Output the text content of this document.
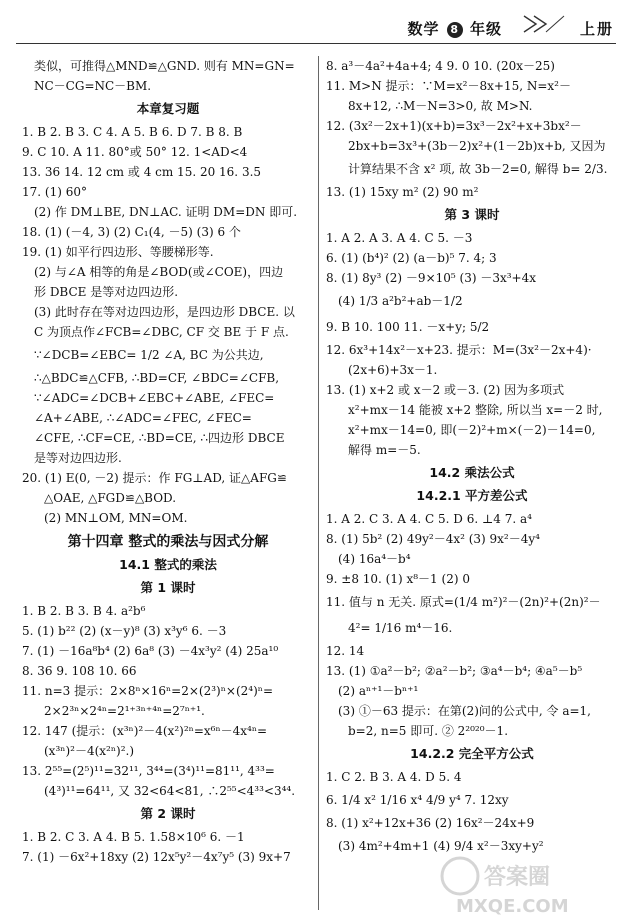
数学 8 年级	上册
类似，可推得△MND≌△GND. 则有 MN=GN=
NC－CG=NC－BM.
本章复习题
1. B 2. B 3. C 4. A 5. B 6. D 7. B 8. B
9. C 10. A 11. 80°或 50° 12. 1<AD<4
13. 36 14. 12 cm 或 4 cm 15. 20 16. 3.5
17. (1) 60°
(2) 作 DM⊥BE, DN⊥AC. 证明 DM=DN 即可.
18. (1) (－4, 3) (2) C₁(4, －5) (3) 6 个
19. (1) 如平行四边形、等腰梯形等.
(2) 与∠A 相等的角是∠BOD(或∠COE)，四边
形 DBCE 是等对边四边形.
(3) 此时存在等对边四边形，是四边形 DBCE. 以
C 为顶点作∠FCB=∠DBC, CF 交 BE 于 F 点.
∵∠DCB=∠EBC= 1/2 ∠A, BC 为公共边,
∴△BDC≌△CFB, ∴BD=CF, ∠BDC=∠CFB,
∵∠ADC=∠DCB+∠EBC+∠ABE, ∠FEC=
∠A+∠ABE, ∴∠ADC=∠FEC, ∠FEC=
∠CFE, ∴CF=CE, ∴BD=CE, ∴四边形 DBCE
是等对边四边形.
20. (1) E(0, －2) 提示：作 FG⊥AD, 证△AFG≌
△OAE, △FGD≌△BOD.
(2) MN⊥OM, MN=OM.
第十四章 整式的乘法与因式分解
14.1 整式的乘法
第 1 课时
1. B 2. B 3. B 4. a²b⁶
5. (1) b²² (2) (x－y)⁸ (3) x³y⁶ 6. －3
7. (1) －16a⁸b⁴ (2) 6a⁸ (3) －4x³y² (4) 25a¹⁰
8. 36 9. 108 10. 66
11. n=3 提示：2×8ⁿ×16ⁿ=2×(2³)ⁿ×(2⁴)ⁿ=
2×2³ⁿ×2⁴ⁿ=2¹⁺³ⁿ⁺⁴ⁿ=2⁷ⁿ⁺¹.
12. 147 (提示：(x³ⁿ)²－4(x²)²ⁿ=x⁶ⁿ－4x⁴ⁿ=
(x³ⁿ)²－4(x²ⁿ)².)
13. 2⁵⁵=(2⁵)¹¹=32¹¹, 3⁴⁴=(3⁴)¹¹=81¹¹, 4³³=
(4³)¹¹=64¹¹, 又 32<64<81, ∴2⁵⁵<4³³<3⁴⁴.
第 2 课时
1. B 2. C 3. A 4. B 5. 1.58×10⁶ 6. －1
7. (1) －6x²+18xy (2) 12x⁵y²－4x⁷y⁵ (3) 9x+7
8. a³－4a²+4a+4; 4 9. 0 10. (20x－25)
11. M>N 提示：∵M=x²－8x+15, N=x²－
8x+12, ∴M－N=3>0, 故 M>N.
12. (3x²－2x+1)(x+b)=3x³－2x²+x+3bx²－
2bx+b=3x³+(3b－2)x²+(1－2b)x+b, 又因为
计算结果不含 x² 项, 故 3b－2=0, 解得 b= 2/3.
13. (1) 15xy m² (2) 90 m²
第 3 课时
1. A 2. A 3. A 4. C 5. －3
6. (1) (b⁴)² (2) (a－b)⁵ 7. 4; 3
8. (1) 8y³ (2) －9×10⁵ (3) －3x³+4x
(4) 1/3 a²b²+ab－1/2
9. B 10. 100 11. －x+y; 5/2
12. 6x³+14x²－x+23. 提示：M=(3x²－2x+4)·
(2x+6)+3x－1.
13. (1) x+2 或 x－2 或－3. (2) 因为多项式
x²+mx－14 能被 x+2 整除, 所以当 x=－2 时,
x²+mx－14=0, 即(－2)²+m×(－2)－14=0,
解得 m=－5.
14.2 乘法公式
14.2.1 平方差公式
1. A 2. C 3. A 4. C 5. D 6. ⊥4 7. a⁴
8. (1) 5b² (2) 49y²－4x² (3) 9x²－4y⁴
(4) 16a⁴－b⁴
9. ±8 10. (1) x⁸－1 (2) 0
11. 值与 n 无关. 原式=(1/4 m²)²－(2n)²+(2n)²－
4²= 1/16 m⁴－16.
12. 14
13. (1) ①a²－b²; ②a²－b²; ③a⁴－b⁴; ④a⁵－b⁵
(2) aⁿ⁺¹－bⁿ⁺¹
(3) ①－63 提示：在第(2)问的公式中, 令 a=1,
b=2, n=5 即可. ② 2²⁰²⁰－1.
14.2.2 完全平方公式
1. C 2. B 3. A 4. D 5. 4
6. 1/4 x² 1/16 x⁴ 4/9 y⁴ 7. 12xy
8. (1) x²+12x+36 (2) 16x²－24x+9
(3) 4m²+4m+1 (4) 9/4 x²－3xy+y²
答案圈
MXQE.COM
